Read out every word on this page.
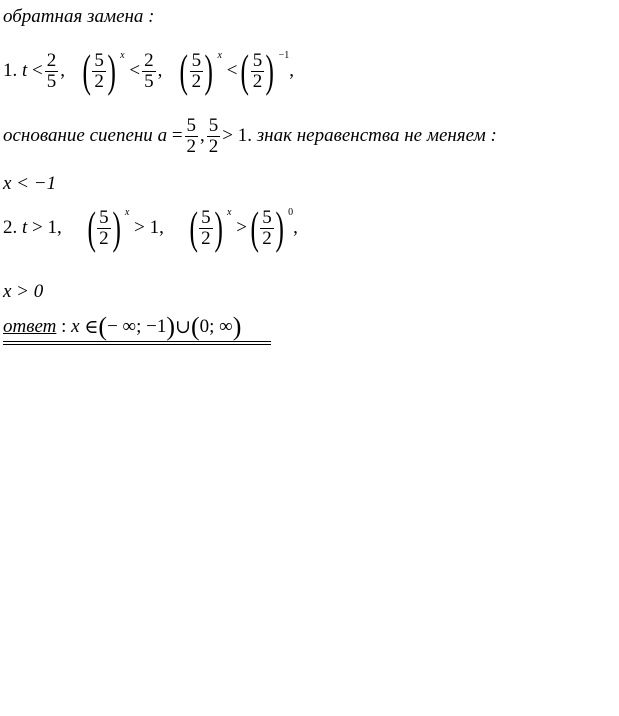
обратная замена :
1.
t
< $\frac{2}{5}$ , ( $\frac{5}{2}$ ) $^x$

< $\frac{2}{5}$ , ( $\frac{5}{2}$ ) $^x$

< ( $\frac{5}{2}$ ) $^{-1}$
,
основание сиепени
a
= $\frac{5}{2}$ , $\frac{5}{2} > 1$.
знак неравенства не меняем :
x < −1
2.
t
> 1, ( $\frac{5}{2}$ ) $^x$

> 1, ( $\frac{5}{2}$ ) $^x$

> ( $\frac{5}{2}$ ) $^0$
,
x > 0
ответ
:
x
∈ ( − ∞; −1 ) ∪ ( 0; ∞ )
